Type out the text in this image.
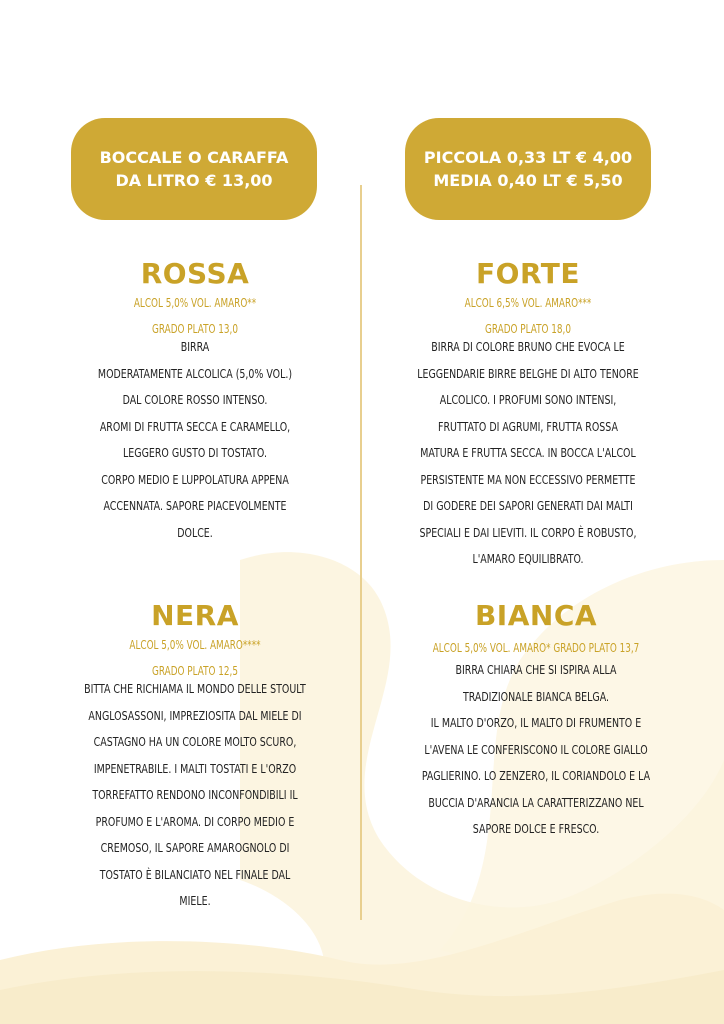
BOCCALE O CARAFFA
DA LITRO € 13,00
PICCOLA 0,33 LT € 4,00
MEDIA 0,40 LT € 5,50
ROSSA
ALCOL 5,0% VOL. AMARO**
GRADO PLATO 13,0
BIRRA
MODERATAMENTE ALCOLICA (5,0% VOL.)
DAL COLORE ROSSO INTENSO.
AROMI DI FRUTTA SECCA E CARAMELLO,
LEGGERO GUSTO DI TOSTATO.
CORPO MEDIO E LUPPOLATURA APPENA
ACCENNATA. SAPORE PIACEVOLMENTE
DOLCE.
FORTE
ALCOL 6,5% VOL. AMARO***
GRADO PLATO 18,0
BIRRA DI COLORE BRUNO CHE EVOCA LE
LEGGENDARIE BIRRE BELGHE DI ALTO TENORE
ALCOLICO. I PROFUMI SONO INTENSI,
FRUTTATO DI AGRUMI, FRUTTA ROSSA
MATURA E FRUTTA SECCA. IN BOCCA L'ALCOL
PERSISTENTE MA NON ECCESSIVO PERMETTE
DI GODERE DEI SAPORI GENERATI DAI MALTI
SPECIALI E DAI LIEVITI. IL CORPO È ROBUSTO,
L'AMARO EQUILIBRATO.
NERA
ALCOL 5,0% VOL. AMARO****
GRADO PLATO 12,5
BITTA CHE RICHIAMA IL MONDO DELLE STOULT
ANGLOSASSONI, IMPREZIOSITA DAL MIELE DI
CASTAGNO HA UN COLORE MOLTO SCURO,
IMPENETRABILE. I MALTI TOSTATI E L'ORZO
TORREFATTO RENDONO INCONFONDIBILI IL
PROFUMO E L'AROMA. DI CORPO MEDIO E
CREMOSO, IL SAPORE AMAROGNOLO DI
TOSTATO È BILANCIATO NEL FINALE DAL
MIELE.
BIANCA
ALCOL 5,0% VOL. AMARO* GRADO PLATO 13,7
BIRRA CHIARA CHE SI ISPIRA ALLA
TRADIZIONALE BIANCA BELGA.
IL MALTO D'ORZO, IL MALTO DI FRUMENTO E
L'AVENA LE CONFERISCONO IL COLORE GIALLO
PAGLIERINO. LO ZENZERO, IL CORIANDOLO E LA
BUCCIA D'ARANCIA LA CARATTERIZZANO NEL
SAPORE DOLCE E FRESCO.
